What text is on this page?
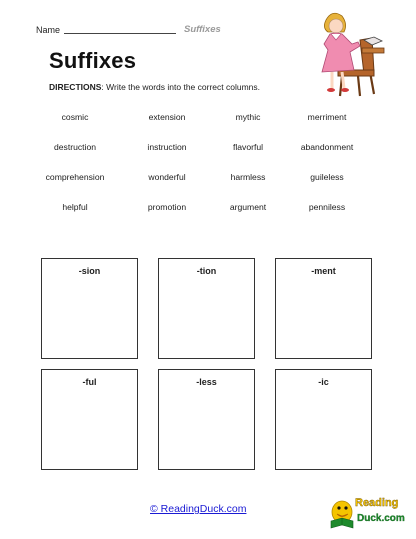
Name	Suffixes
Suffixes
DIRECTIONS: Write the words into the correct columns.
cosmic	extension	mythic	merriment
destruction	instruction	flavorful	abandonment
comprehension	wonderful	harmless	guileless
helpful	promotion	argument	penniless
-sion	-tion	-ment
-ful	-less	-ic
© ReadingDuck.com	Reading
Duck.com
